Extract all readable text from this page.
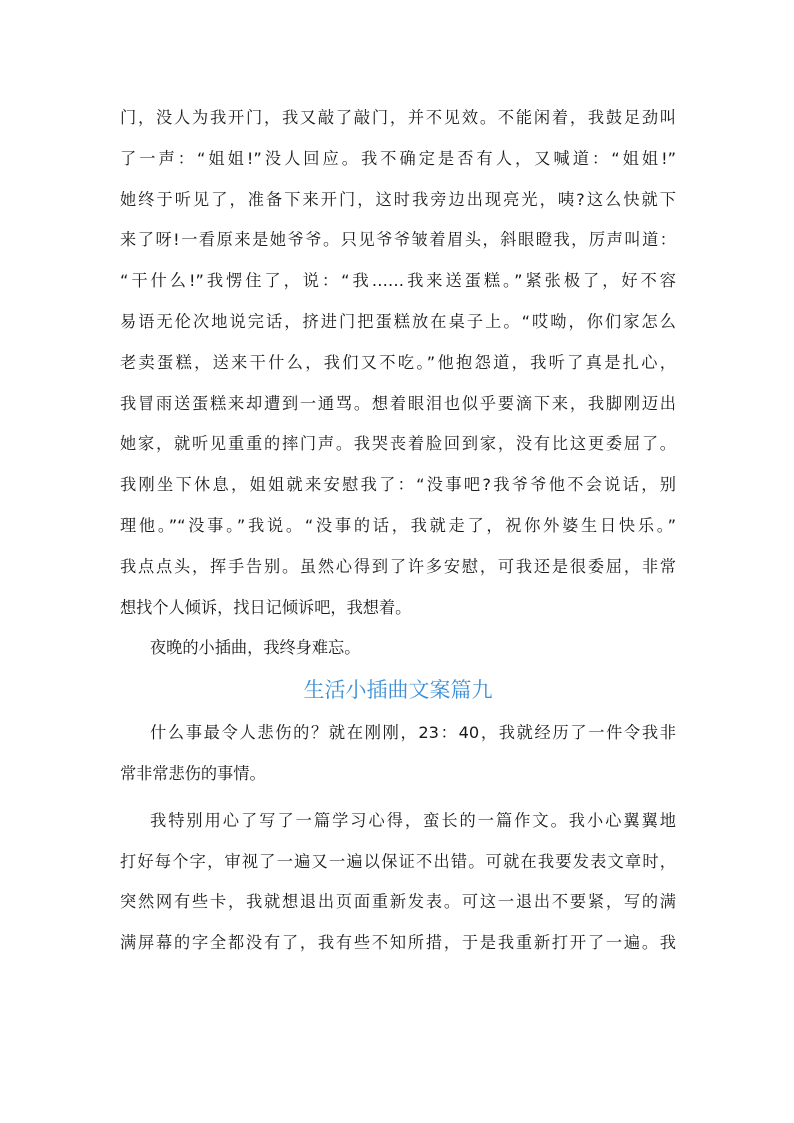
门，没人为我开门，我又敲了敲门，并不见效。不能闲着，我鼓足劲叫
了一声：“姐姐!”没人回应。我不确定是否有人，又喊道：“姐姐!”
她终于听见了，准备下来开门，这时我旁边出现亮光，咦?这么快就下
来了呀!一看原来是她爷爷。只见爷爷皱着眉头，斜眼瞪我，厉声叫道：
“干什么!”我愣住了，说：“我……我来送蛋糕。”紧张极了，好不容
易语无伦次地说完话，挤进门把蛋糕放在桌子上。“哎呦，你们家怎么
老卖蛋糕，送来干什么，我们又不吃。”他抱怨道，我听了真是扎心，
我冒雨送蛋糕来却遭到一通骂。想着眼泪也似乎要滴下来，我脚刚迈出
她家，就听见重重的摔门声。我哭丧着脸回到家，没有比这更委屈了。
我刚坐下休息，姐姐就来安慰我了：“没事吧?我爷爷他不会说话，别
理他。”“没事。”我说。“没事的话，我就走了，祝你外婆生日快乐。”
我点点头，挥手告别。虽然心得到了许多安慰，可我还是很委屈，非常
想找个人倾诉，找日记倾诉吧，我想着。
夜晚的小插曲，我终身难忘。
生活小插曲文案篇九
什么事最令人悲伤的？就在刚刚，23：40，我就经历了一件令我非
常非常悲伤的事情。
我特别用心了写了一篇学习心得，蛮长的一篇作文。我小心翼翼地
打好每个字，审视了一遍又一遍以保证不出错。可就在我要发表文章时，
突然网有些卡，我就想退出页面重新发表。可这一退出不要紧，写的满
满屏幕的字全都没有了，我有些不知所措，于是我重新打开了一遍。我
